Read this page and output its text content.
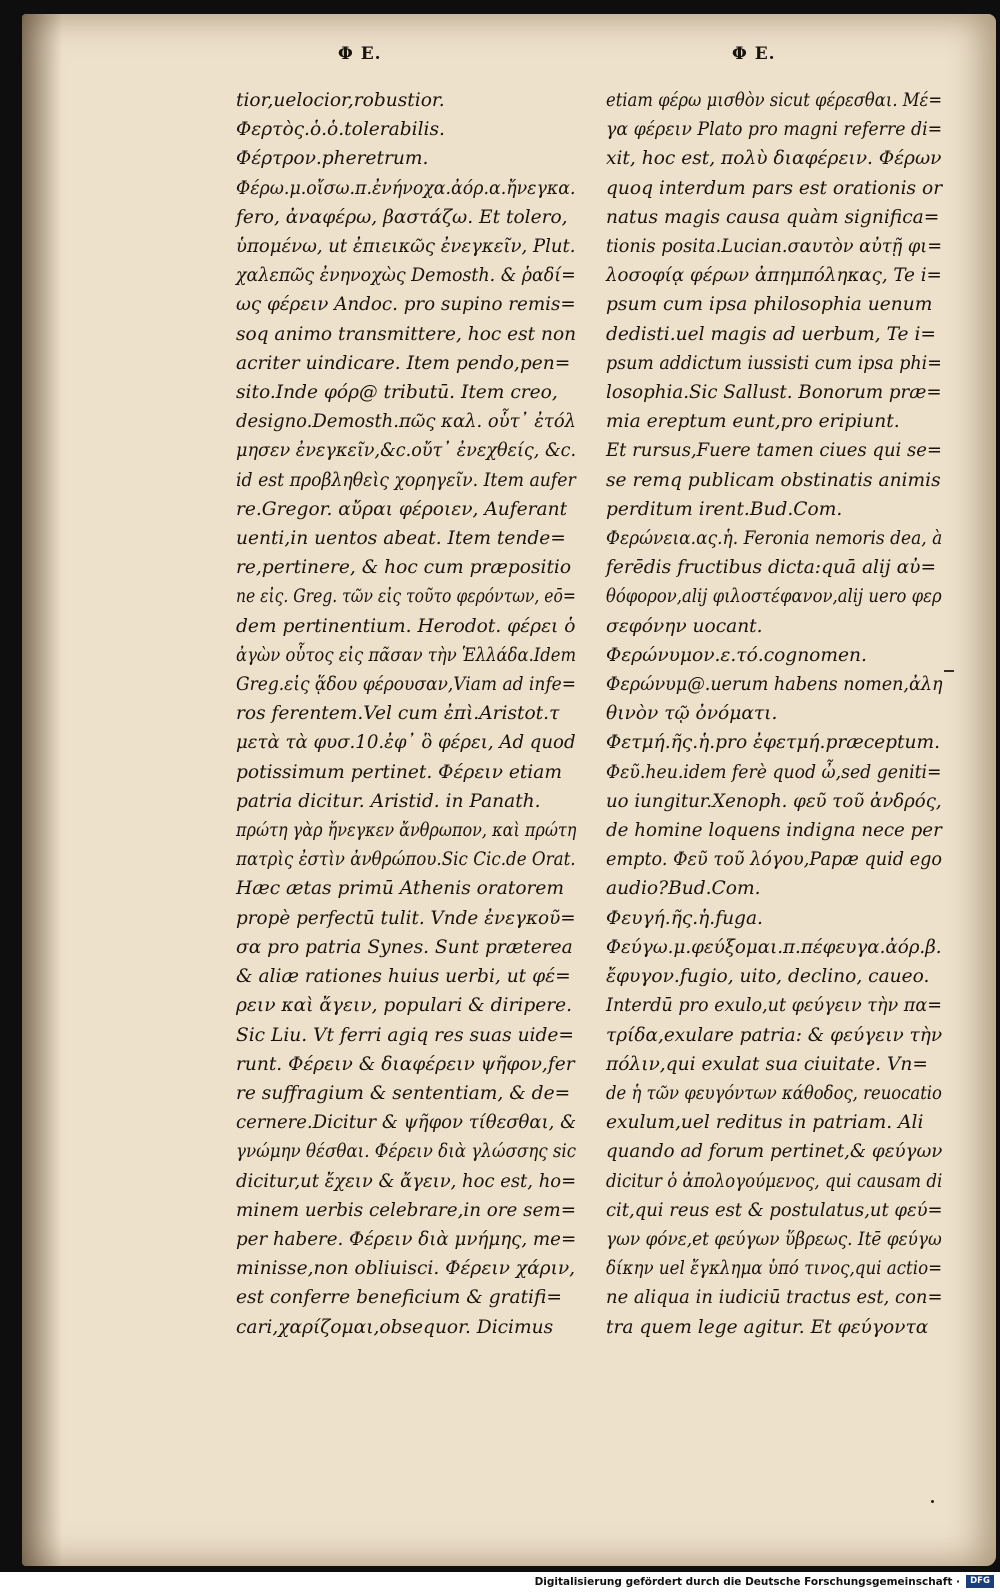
Φ E.	Φ E.
tior,uelocior,robustior.
Φερτὸς.ὁ.ὁ.tolerabilis.
Φέρτρον.pheretrum.
Φέρω.μ.οἴσω.π.ἐνήνοχα.ἀόρ.α.ἤνεγκα.
fero, ἀναφέρω, βαστάζω. Et tolero,
ὑπομένω, ut ἐπιεικῶς ἐνεγκεῖν, Plut.
χαλεπῶς ἐνηνοχὼς Demosth. & ῥαδί=
ως φέρειν Andoc. pro supino remis=
soq animo transmittere, hoc est non
acriter uindicare. Item pendo,pen=
sito.Inde φόρ@ tributū. Item creo,
designo.Demosth.πῶς καλ. οὗτ᾽ ἐτόλ
μησεν ἐνεγκεῖν,&c.οὔτ᾽ ἐνεχθείς, &c.
id est προβληθεὶς χορηγεῖν. Item aufer
re.Gregor. αὔραι φέροιεν, Auferant
uenti,in uentos abeat. Item tende=
re,pertinere, & hoc cum præpositio
ne εἰς. Greg. τῶν εἰς τοῦτο φερόντων, eō=
dem pertinentium. Herodot. φέρει ὁ
ἀγὼν οὗτος εἰς πᾶσαν τὴν Ἑλλάδα.Idem
Greg.εἰς ᾅδου φέρουσαν,Viam ad infe=
ros ferentem.Vel cum ἐπὶ.Aristot.τ
μετὰ τὰ φυσ.10.ἐφ᾽ ὃ φέρει, Ad quod
potissimum pertinet. Φέρειν etiam
patria dicitur. Aristid. in Panath.
πρώτη γὰρ ἤνεγκεν ἄνθρωπον, καὶ πρώτη
πατρὶς ἐστὶν ἀνθρώπου.Sic Cic.de Orat.
Hæc ætas primū Athenis oratorem
propè perfectū tulit. Vnde ἐνεγκοῦ=
σα pro patria Synes. Sunt præterea
& aliæ rationes huius uerbi, ut φέ=
ρειν καὶ ἄγειν, populari & diripere.
Sic Liu. Vt ferri agiq res suas uide=
runt. Φέρειν & διαφέρειν ψῆφον,fer
re suffragium & sententiam, & de=
cernere.Dicitur & ψῆφον τίθεσθαι, &
γνώμην θέσθαι. Φέρειν διὰ γλώσσης sic
dicitur,ut ἔχειν & ἄγειν, hoc est, ho=
minem uerbis celebrare,in ore sem=
per habere. Φέρειν διὰ μνήμης, me=
minisse,non obliuisci. Φέρειν χάριν,
est conferre beneficium & gratifi=
cari,χαρίζομαι,obsequor. Dicimus
etiam φέρω μισθὸν sicut φέρεσθαι. Μέ=
γα φέρειν Plato pro magni referre di=
xit, hoc est, πολὺ διαφέρειν. Φέρων
quoq interdum pars est orationis or
natus magis causa quàm significa=
tionis posita.Lucian.σαυτὸν αὐτῇ φι=
λοσοφίᾳ φέρων ἀπημπόληκας, Te i=
psum cum ipsa philosophia uenum
dedisti.uel magis ad uerbum, Te i=
psum addictum iussisti cum ipsa phi=
losophia.Sic Sallust. Bonorum præ=
mia ereptum eunt,pro eripiunt.
Et rursus,Fuere tamen ciues qui se=
se remq publicam obstinatis animis
perditum irent.Bud.Com.
Φερώνεια.ας.ἡ. Feronia nemoris dea, à
ferēdis fructibus dicta:quā alij αὐ=
θόφορον,alij φιλοστέφανον,alij uero φερ
σεφόνην uocant.
Φερώνυμον.ε.τό.cognomen.
Φερώνυμ@.uerum habens nomen,ἀλη
θινὸν τῷ ὀνόματι.
Φετμή.ῆς.ἡ.pro ἐφετμή.præceptum.
Φεῦ.heu.idem ferè quod ὦ,sed geniti=
uo iungitur.Xenoph. φεῦ τοῦ ἀνδρός,
de homine loquens indigna nece per
empto. Φεῦ τοῦ λόγου,Papæ quid ego
audio?Bud.Com.
Φευγή.ῆς.ἡ.fuga.
Φεύγω.μ.φεύξομαι.π.πέφευγα.ἀόρ.β.
ἔφυγον.fugio, uito, declino, caueo.
Interdū pro exulo,ut φεύγειν τὴν πα=
τρίδα,exulare patria: & φεύγειν τὴν
πόλιν,qui exulat sua ciuitate. Vn=
de ἡ τῶν φευγόντων κάθοδος, reuocatio
exulum,uel reditus in patriam. Ali
quando ad forum pertinet,& φεύγων
dicitur ὁ ἀπολογούμενος, qui causam di
cit,qui reus est & postulatus,ut φεύ=
γων φόνε,et φεύγων ὕβρεως. Itē φεύγω
δίκην uel ἔγκλημα ὑπό τινος,qui actio=
ne aliqua in iudiciū tractus est, con=
tra quem lege agitur. Et φεύγοντα
Digitalisierung gefördert durch die Deutsche Forschungsgemeinschaft ·	DFG
